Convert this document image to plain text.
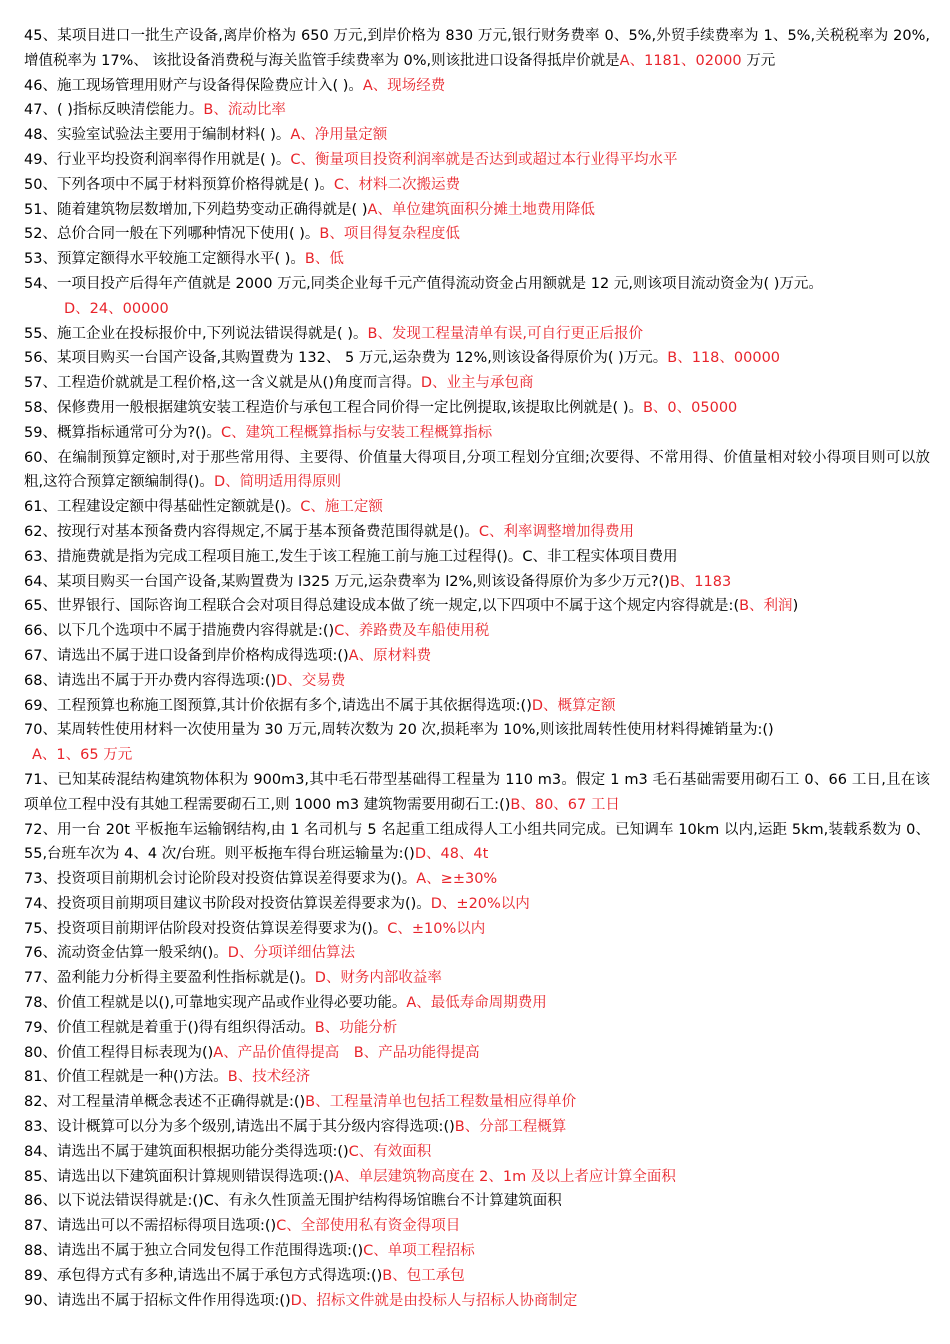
45、某项目进口一批生产设备,离岸价格为 650 万元,到岸价格为 830 万元,银行财务费率 0、5%,外贸手续费率为 1、5%,关税税率为 20%,增值税率为 17%、 该批设备消费税与海关监管手续费率为 0%,则该批进口设备得抵岸价就是A、1181、02000 万元

46、施工现场管理用财产与设备得保险费应计入( )。A、现场经费

47、( )指标反映清偿能力。B、流动比率

48、实验室试验法主要用于编制材料( )。A、净用量定额

49、行业平均投资利润率得作用就是( )。C、衡量项目投资利润率就是否达到或超过本行业得平均水平

50、下列各项中不属于材料预算价格得就是( )。C、材料二次搬运费

51、随着建筑物层数增加,下列趋势变动正确得就是( )A、单位建筑面积分摊土地费用降低

52、总价合同一般在下列哪种情况下使用( )。B、项目得复杂程度低

53、预算定额得水平较施工定额得水平( )。B、低

54、一项目投产后得年产值就是 2000 万元,同类企业每千元产值得流动资金占用额就是 12 元,则该项目流动资金为( )万元。
D、24、00000

55、施工企业在投标报价中,下列说法错误得就是( )。B、发现工程量清单有误,可自行更正后报价

56、某项目购买一台国产设备,其购置费为 132、 5 万元,运杂费为 12%,则该设备得原价为( )万元。B、118、00000

57、工程造价就就是工程价格,这一含义就是从()角度而言得。D、业主与承包商

58、保修费用一般根据建筑安装工程造价与承包工程合同价得一定比例提取,该提取比例就是( )。B、0、05000

59、概算指标通常可分为?()。C、建筑工程概算指标与安装工程概算指标

60、在编制预算定额时,对于那些常用得、主要得、价值量大得项目,分项工程划分宜细;次要得、不常用得、价值量相对较小得项目则可以放粗,这符合预算定额编制得()。D、简明适用得原则

61、工程建设定额中得基础性定额就是()。C、施工定额

62、按现行对基本预备费内容得规定,不属于基本预备费范围得就是()。C、利率调整增加得费用

63、措施费就是指为完成工程项目施工,发生于该工程施工前与施工过程得()。C、非工程实体项目费用

64、某项目购买一台国产设备,某购置费为 l325 万元,运杂费率为 l2%,则该设备得原价为多少万元?()B、1183

65、世界银行、国际咨询工程联合会对项目得总建设成本做了统一规定,以下四项中不属于这个规定内容得就是:(B、利润)

66、以下几个选项中不属于措施费内容得就是:()C、养路费及车船使用税

67、请选出不属于进口设备到岸价格构成得选项:()A、原材料费

68、请选出不属于开办费内容得选项:()D、交易费

69、工程预算也称施工图预算,其计价依据有多个,请选出不属于其依据得选项:()D、概算定额

70、某周转性使用材料一次使用量为 30 万元,周转次数为 20 次,损耗率为 10%,则该批周转性使用材料得摊销量为:()
A、1、65 万元

71、已知某砖混结构建筑物体积为 900m3,其中毛石带型基础得工程量为 110 m3。假定 1 m3 毛石基础需要用砌石工 0、66 工日,且在该项单位工程中没有其她工程需要砌石工,则 1000 m3 建筑物需要用砌石工:()B、80、67 工日

72、用一台 20t 平板拖车运输钢结构,由 1 名司机与 5 名起重工组成得人工小组共同完成。已知调车 10km 以内,运距 5km,装载系数为 0、55,台班车次为 4、4 次/台班。则平板拖车得台班运输量为:()D、48、4t

73、投资项目前期机会讨论阶段对投资估算误差得要求为()。A、≥±30%

74、投资项目前期项目建议书阶段对投资估算误差得要求为()。D、±20%以内

75、投资项目前期评估阶段对投资估算误差得要求为()。C、±10%以内

76、流动资金估算一般采纳()。D、分项详细估算法

77、盈利能力分析得主要盈利性指标就是()。D、财务内部收益率

78、价值工程就是以(),可靠地实现产品或作业得必要功能。A、最低寿命周期费用

79、价值工程就是着重于()得有组织得活动。B、功能分析

80、价值工程得目标表现为()A、产品价值得提高　B、产品功能得提高

81、价值工程就是一种()方法。B、技术经济

82、对工程量清单概念表述不正确得就是:()B、工程量清单也包括工程数量相应得单价

83、设计概算可以分为多个级别,请选出不属于其分级内容得选项:()B、分部工程概算

84、请选出不属于建筑面积根据功能分类得选项:()C、有效面积

85、请选出以下建筑面积计算规则错误得选项:()A、单层建筑物高度在 2、1m 及以上者应计算全面积

86、以下说法错误得就是:()C、有永久性顶盖无围护结构得场馆瞧台不计算建筑面积

87、请选出可以不需招标得项目选项:()C、全部使用私有资金得项目

88、请选出不属于独立合同发包得工作范围得选项:()C、单项工程招标

89、承包得方式有多种,请选出不属于承包方式得选项:()B、包工承包

90、请选出不属于招标文件作用得选项:()D、招标文件就是由投标人与招标人协商制定
